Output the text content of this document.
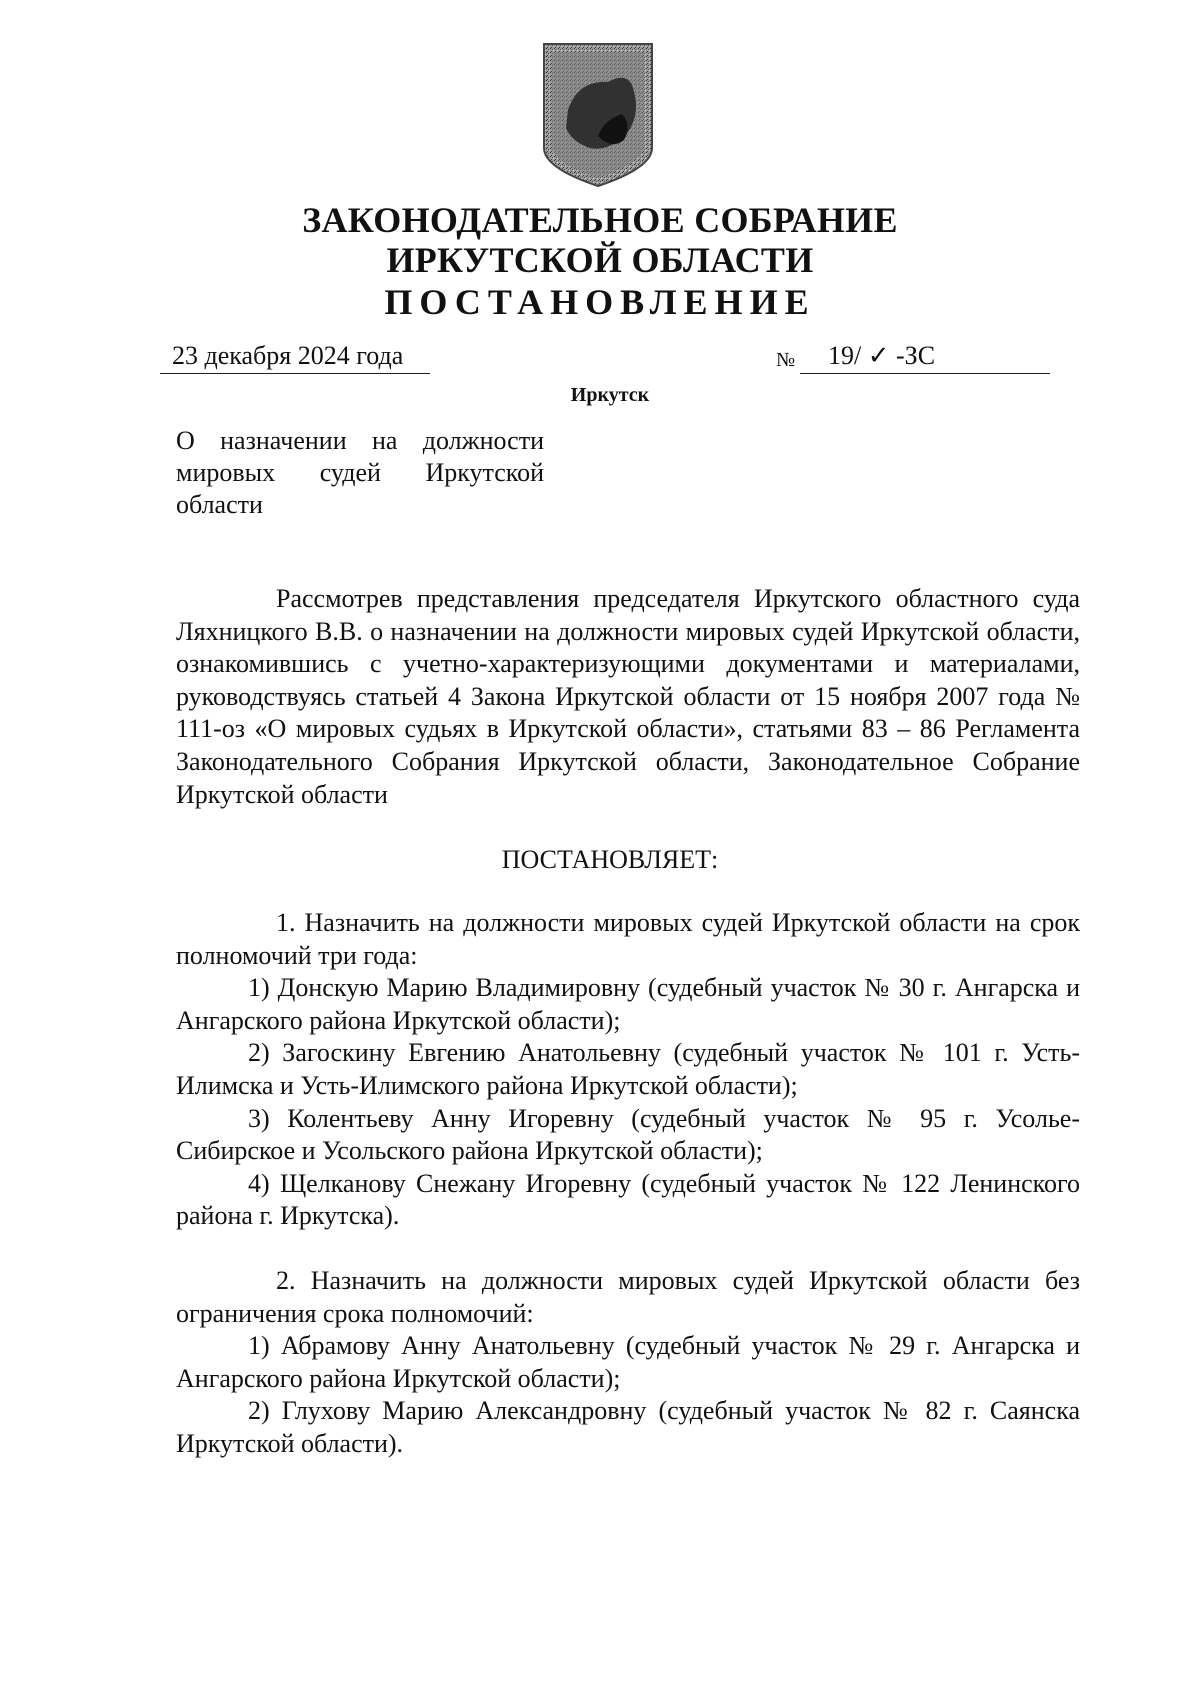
ЗАКОНОДАТЕЛЬНОЕ СОБРАНИЕ
ИРКУТСКОЙ ОБЛАСТИ
ПОСТАНОВЛЕНИЕ
23 декабря 2024 года	№	19/ ✓ -ЗС
Иркутск
О назначении на должности
мировых судей Иркутской
области

Рассмотрев представления председателя Иркутского областного суда Ляхницкого В.В. о назначении на должности мировых судей Иркутской области, ознакомившись с учетно-характеризующими документами и материалами, руководствуясь статьей 4 Закона Иркутской области от 15 ноября 2007 года № 111-оз «О мировых судьях в Иркутской области», статьями 83 – 86 Регламента Законодательного Собрания Иркутской области, Законодательное Собрание Иркутской области

ПОСТАНОВЛЯЕТ:

1. Назначить на должности мировых судей Иркутской области на срок полномочий три года:

1) Донскую Марию Владимировну (судебный участок № 30 г. Ангарска и Ангарского района Иркутской области);

2) Загоскину Евгению Анатольевну (судебный участок № 101 г. Усть-Илимска и Усть-Илимского района Иркутской области);

3) Колентьеву Анну Игоревну (судебный участок № 95 г. Усолье-Сибирское и Усольского района Иркутской области);

4) Щелканову Снежану Игоревну (судебный участок № 122 Ленинского района г. Иркутска).

2. Назначить на должности мировых судей Иркутской области без ограничения срока полномочий:

1) Абрамову Анну Анатольевну (судебный участок № 29 г. Ангарска и Ангарского района Иркутской области);

2) Глухову Марию Александровну (судебный участок № 82 г. Саянска Иркутской области).
